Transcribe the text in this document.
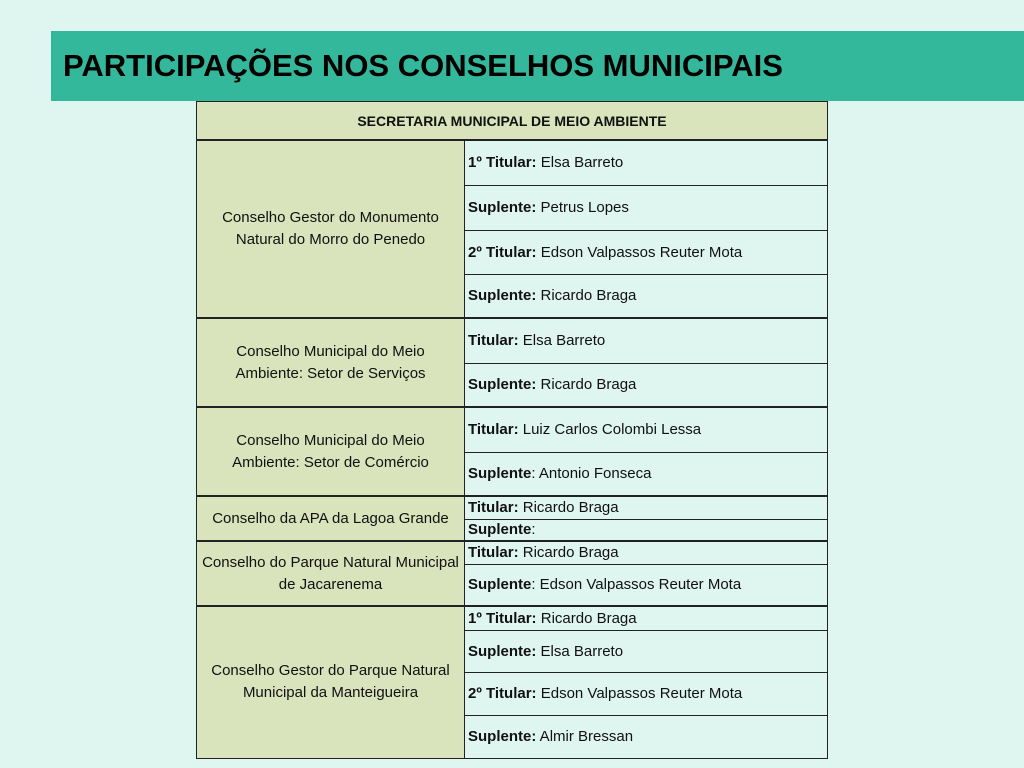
PARTICIPAÇÕES NOS CONSELHOS MUNICIPAIS
SECRETARIA MUNICIPAL DE MEIO AMBIENTE	
Conselho Gestor do Monumento Natural do Morro do Penedo	1º Titular: Elsa Barreto
	Suplente: Petrus Lopes
	2º Titular: Edson Valpassos Reuter Mota
	Suplente: Ricardo Braga
Conselho Municipal do Meio Ambiente: Setor de Serviços	Titular: Elsa Barreto
	Suplente: Ricardo Braga
Conselho Municipal do Meio Ambiente: Setor de Comércio	Titular: Luiz Carlos Colombi Lessa
	Suplente: Antonio Fonseca
Conselho da APA da Lagoa Grande	Titular: Ricardo Braga
	Suplente:
Conselho do Parque Natural Municipal de Jacarenema	Titular: Ricardo Braga
	Suplente: Edson Valpassos Reuter Mota
Conselho Gestor do Parque Natural Municipal da Manteigueira	1º Titular: Ricardo Braga
	Suplente: Elsa Barreto
	2º Titular: Edson Valpassos Reuter Mota
	Suplente: Almir Bressan
